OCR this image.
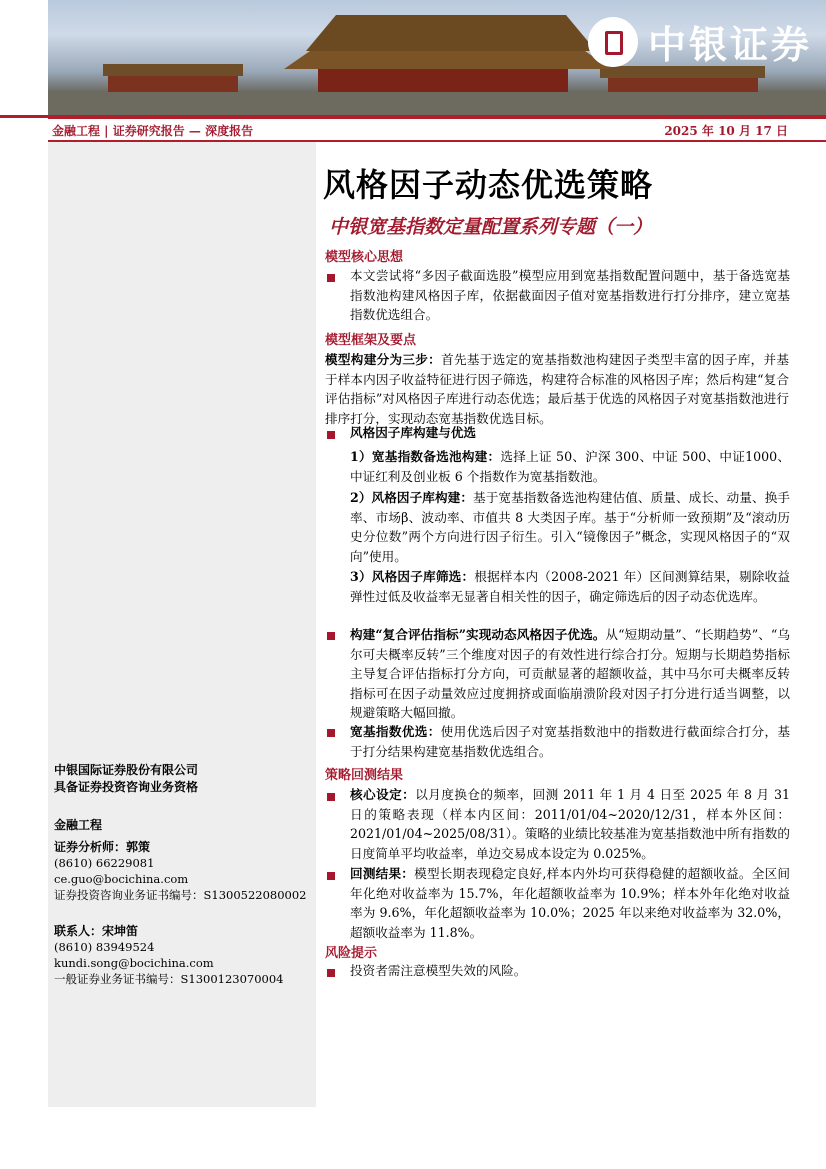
中银证券
金融工程 | 证券研究报告 — 深度报告	2025 年 10 月 17 日
中银国际证券股份有限公司
具备证券投资咨询业务资格
金融工程
证券分析师：郭策
(8610) 66229081
ce.guo@bocichina.com
证券投资咨询业务证书编号：S1300522080002
联系人：宋坤笛
(8610) 83949524
kundi.song@bocichina.com
一般证券业务证书编号：S1300123070004
风格因子动态优选策略
中银宽基指数定量配置系列专题（一）
模型核心思想
本文尝试将“多因子截面选股”模型应用到宽基指数配置问题中，基于备选宽基指数池构建风格因子库，依据截面因子值对宽基指数进行打分排序，建立宽基指数优选组合。
模型框架及要点
模型构建分为三步：首先基于选定的宽基指数池构建因子类型丰富的因子库，并基于样本内因子收益特征进行因子筛选，构建符合标准的风格因子库；然后构建“复合评估指标”对风格因子库进行动态优选；最后基于优选的风格因子对宽基指数池进行排序打分，实现动态宽基指数优选目标。
风格因子库构建与优选
1）宽基指数备选池构建：选择上证 50、沪深 300、中证 500、中证1000、中证红利及创业板 6 个指数作为宽基指数池。
2）风格因子库构建：基于宽基指数备选池构建估值、质量、成长、动量、换手率、市场β、波动率、市值共 8 大类因子库。基于“分析师一致预期”及“滚动历史分位数”两个方向进行因子衍生。引入“镜像因子”概念，实现风格因子的“双向”使用。
3）风格因子库筛选：根据样本内（2008-2021 年）区间测算结果，剔除收益弹性过低及收益率无显著自相关性的因子，确定筛选后的因子动态优选库。
构建“复合评估指标”实现动态风格因子优选。从“短期动量”、“长期趋势”、“乌尔可夫概率反转”三个维度对因子的有效性进行综合打分。短期与长期趋势指标主导复合评估指标打分方向，可贡献显著的超额收益，其中马尔可夫概率反转指标可在因子动量效应过度拥挤或面临崩溃阶段对因子打分进行适当调整，以规避策略大幅回撤。
宽基指数优选：使用优选后因子对宽基指数池中的指数进行截面综合打分，基于打分结果构建宽基指数优选组合。
策略回测结果
核心设定：以月度换仓的频率，回测 2011 年 1 月 4 日至 2025 年 8 月 31 日的策略表现（样本内区间：2011/01/04~2020/12/31，样本外区间：2021/01/04~2025/08/31）。策略的业绩比较基准为宽基指数池中所有指数的日度简单平均收益率，单边交易成本设定为 0.025%。
回测结果：模型长期表现稳定良好,样本内外均可获得稳健的超额收益。全区间年化绝对收益率为 15.7%，年化超额收益率为 10.9%；样本外年化绝对收益率为 9.6%，年化超额收益率为 10.0%；2025 年以来绝对收益率为 32.0%，超额收益率为 11.8%。
风险提示
投资者需注意模型失效的风险。
